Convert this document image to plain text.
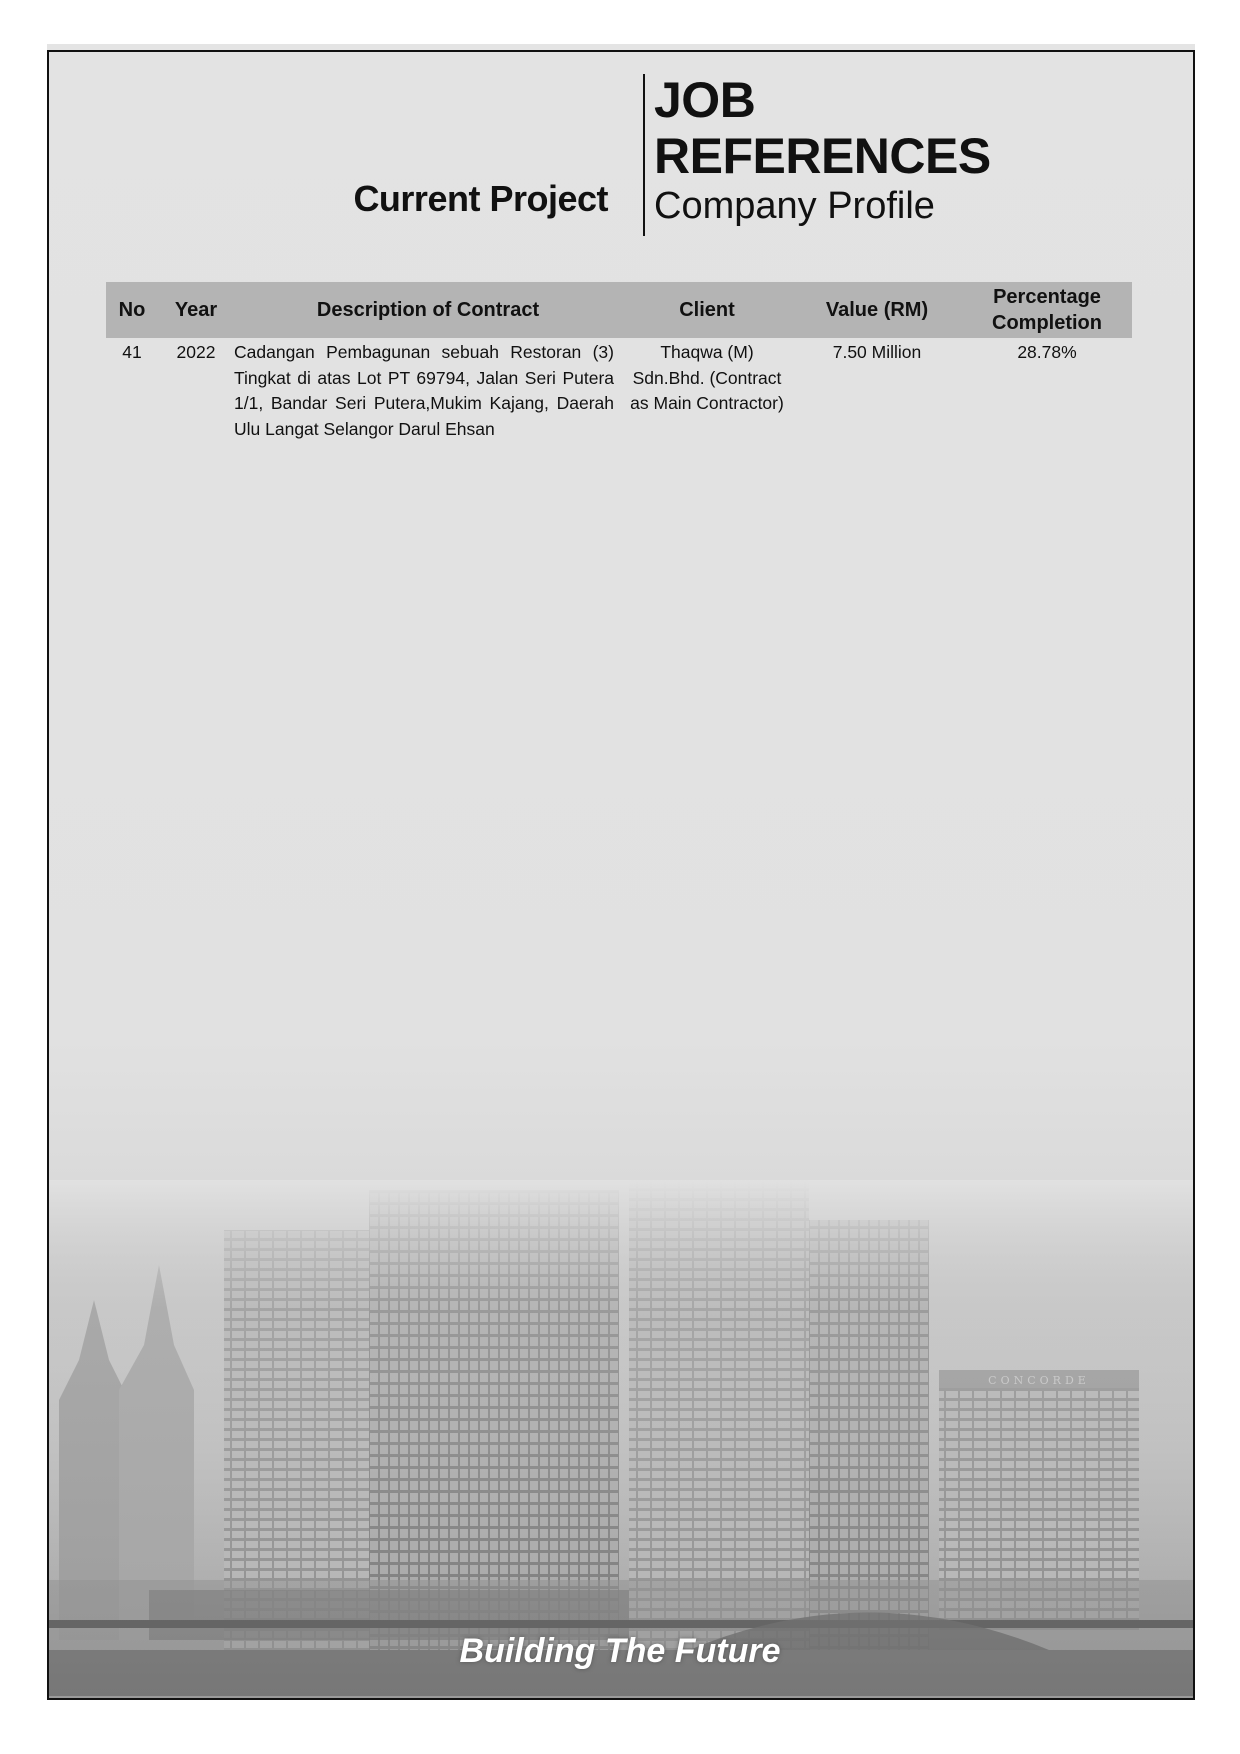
Current Project
JOB
REFERENCES
Company Profile
No	Year	Description of Contract	Client	Value (RM)	Percentage Completion
41	2022	Cadangan Pembagunan sebuah Restoran (3) Tingkat di atas Lot PT 69794, Jalan Seri Putera 1/1, Bandar Seri Putera,Mukim Kajang, Daerah Ulu Langat Selangor Darul Ehsan	Thaqwa (M) Sdn.Bhd. (Contract as Main Contractor)	7.50 Million	28.78%
Building The Future
